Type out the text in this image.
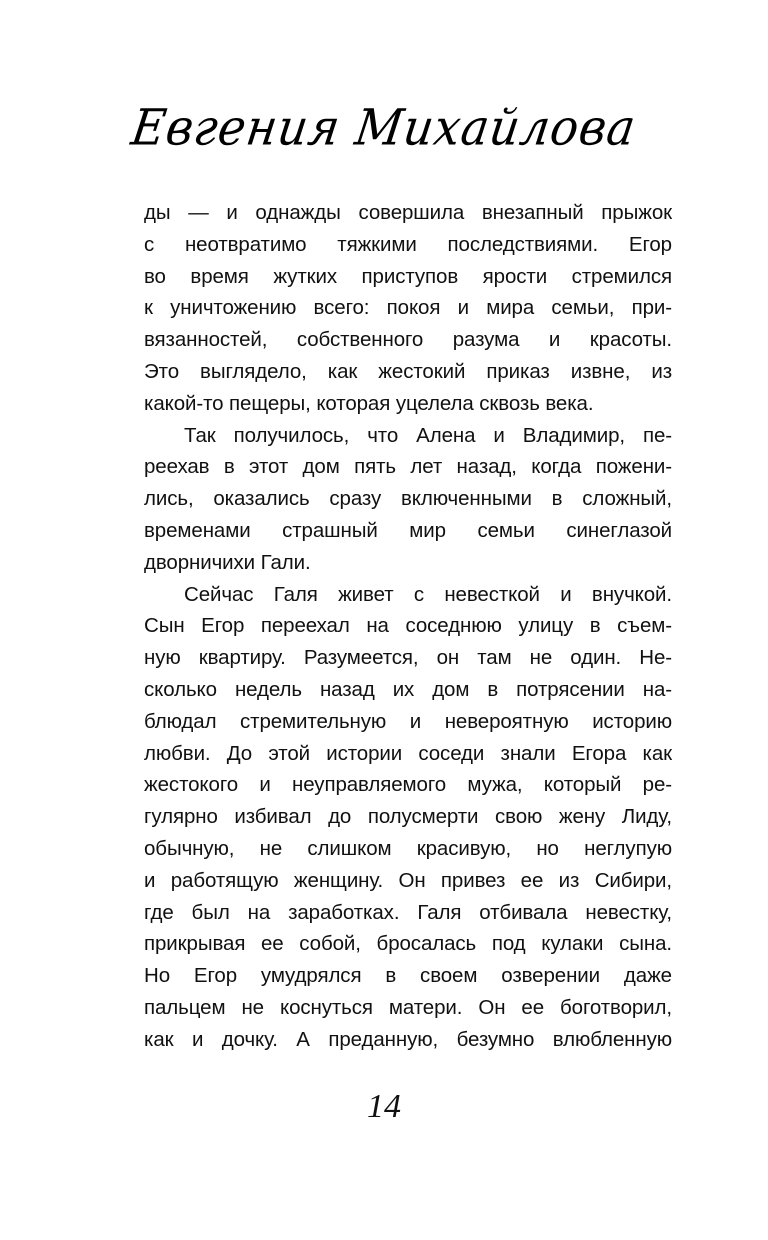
Евгения Михайлова
ды — и однажды совершила внезапный прыжок
с неотвратимо тяжкими последствиями. Егор
во время жутких приступов ярости стремился
к уничтожению всего: покоя и мира семьи, при-
вязанностей, собственного разума и красоты.
Это выглядело, как жестокий приказ извне, из
какой-то пещеры, которая уцелела сквозь века.
Так получилось, что Алена и Владимир, пе-
реехав в этот дом пять лет назад, когда пожени-
лись, оказались сразу включенными в сложный,
временами страшный мир семьи синеглазой
дворничихи Гали.
Сейчас Галя живет с невесткой и внучкой.
Сын Егор переехал на соседнюю улицу в съем-
ную квартиру. Разумеется, он там не один. Не-
сколько недель назад их дом в потрясении на-
блюдал стремительную и невероятную историю
любви. До этой истории соседи знали Егора как
жестокого и неуправляемого мужа, который ре-
гулярно избивал до полусмерти свою жену Лиду,
обычную, не слишком красивую, но неглупую
и работящую женщину. Он привез ее из Сибири,
где был на заработках. Галя отбивала невестку,
прикрывая ее собой, бросалась под кулаки сына.
Но Егор умудрялся в своем озверении даже
пальцем не коснуться матери. Он ее боготворил,
как и дочку. А преданную, безумно влюбленную
14
